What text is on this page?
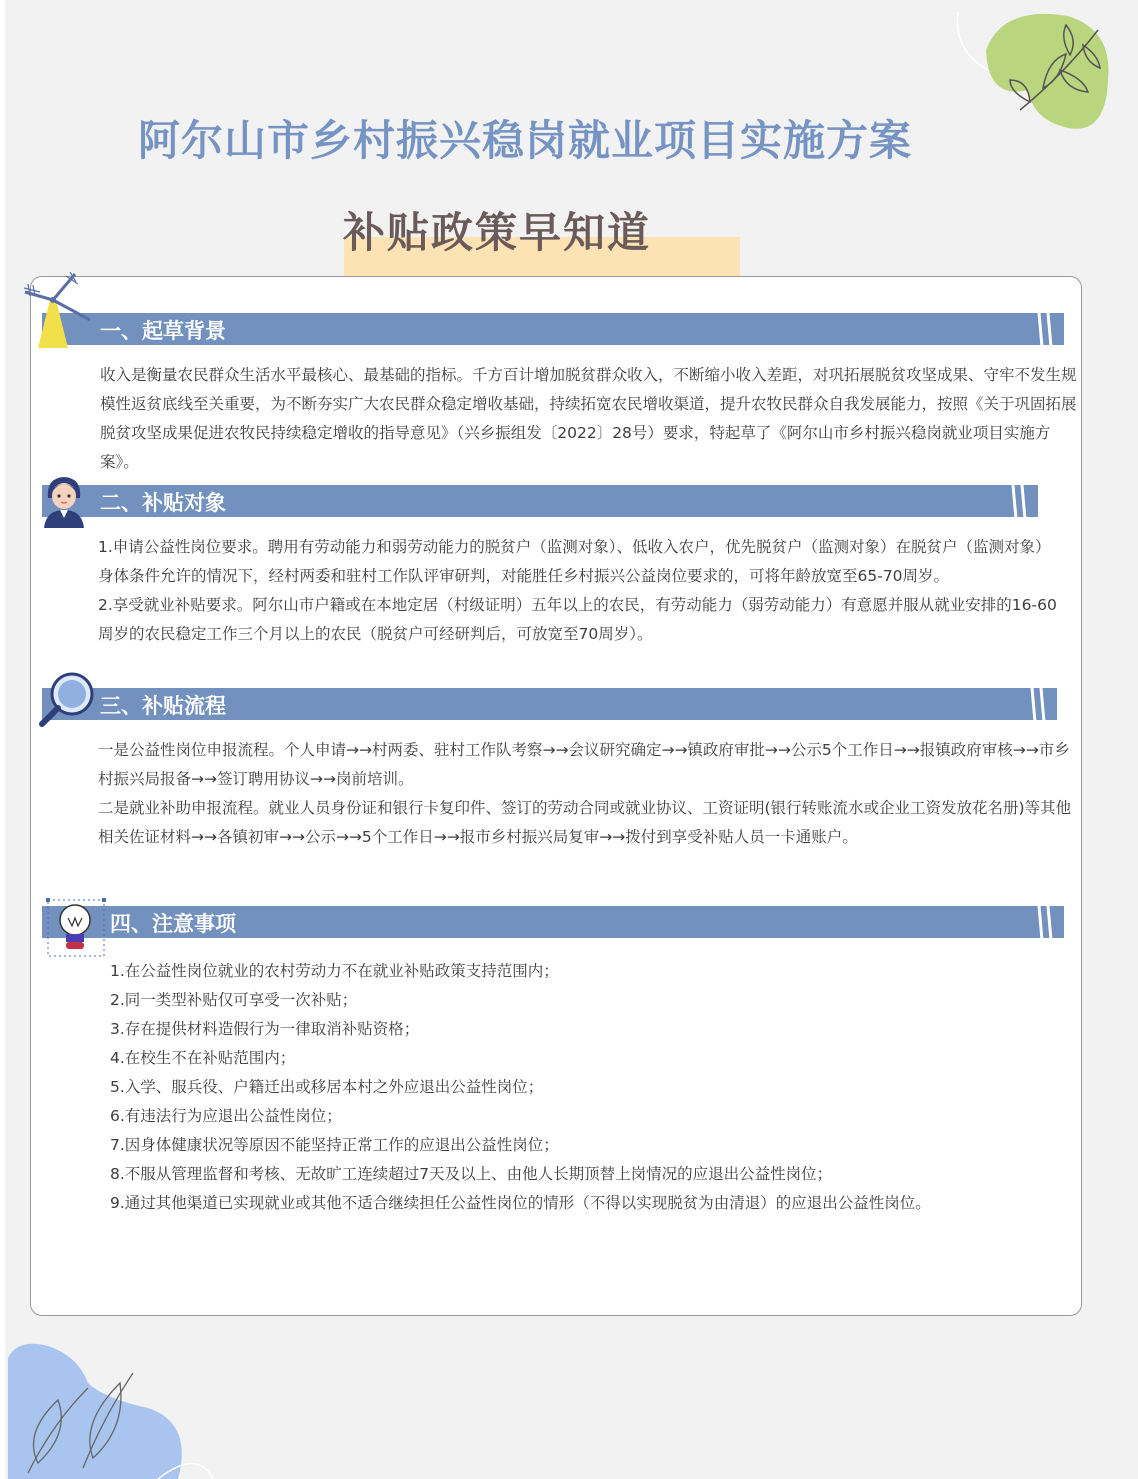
阿尔山市乡村振兴稳岗就业项目实施方案
补贴政策早知道
一、起草背景

收入是衡量农民群众生活水平最核心、最基础的指标。千方百计增加脱贫群众收入，不断缩小收入差距，对巩拓展脱贫攻坚成果、守牢不发生规模性返贫底线至关重要，为不断夯实广大农民群众稳定增收基础，持续拓宽农民增收渠道，提升农牧民群众自我发展能力，按照《关于巩固拓展脱贫攻坚成果促进农牧民持续稳定增收的指导意见》（兴乡振组发〔2022〕28号）要求，特起草了《阿尔山市乡村振兴稳岗就业项目实施方案》。

二、补贴对象

1.申请公益性岗位要求。聘用有劳动能力和弱劳动能力的脱贫户（监测对象）、低收入农户，优先脱贫户（监测对象）在脱贫户（监测对象）身体条件允许的情况下，经村两委和驻村工作队评审研判，对能胜任乡村振兴公益岗位要求的，可将年龄放宽至65-70周岁。

2.享受就业补贴要求。阿尔山市户籍或在本地定居（村级证明）五年以上的农民，有劳动能力（弱劳动能力）有意愿并服从就业安排的16-60周岁的农民稳定工作三个月以上的农民（脱贫户可经研判后，可放宽至70周岁）。

三、补贴流程

一是公益性岗位申报流程。个人申请→→村两委、驻村工作队考察→→会议研究确定→→镇政府审批→→公示5个工作日→→报镇政府审核→→市乡村振兴局报备→→签订聘用协议→→岗前培训。

二是就业补助申报流程。就业人员身份证和银行卡复印件、签订的劳动合同或就业协议、工资证明(银行转账流水或企业工资发放花名册)等其他相关佐证材料→→各镇初审→→公示→→5个工作日→→报市乡村振兴局复审→→拨付到享受补贴人员一卡通账户。

四、注意事项
1.在公益性岗位就业的农村劳动力不在就业补贴政策支持范围内；
2.同一类型补贴仅可享受一次补贴；
3.存在提供材料造假行为一律取消补贴资格；
4.在校生不在补贴范围内；
5.入学、服兵役、户籍迁出或移居本村之外应退出公益性岗位；
6.有违法行为应退出公益性岗位；
7.因身体健康状况等原因不能坚持正常工作的应退出公益性岗位；
8.不服从管理监督和考核、无故旷工连续超过7天及以上、由他人长期顶替上岗情况的应退出公益性岗位；
9.通过其他渠道已实现就业或其他不适合继续担任公益性岗位的情形（不得以实现脱贫为由清退）的应退出公益性岗位。
